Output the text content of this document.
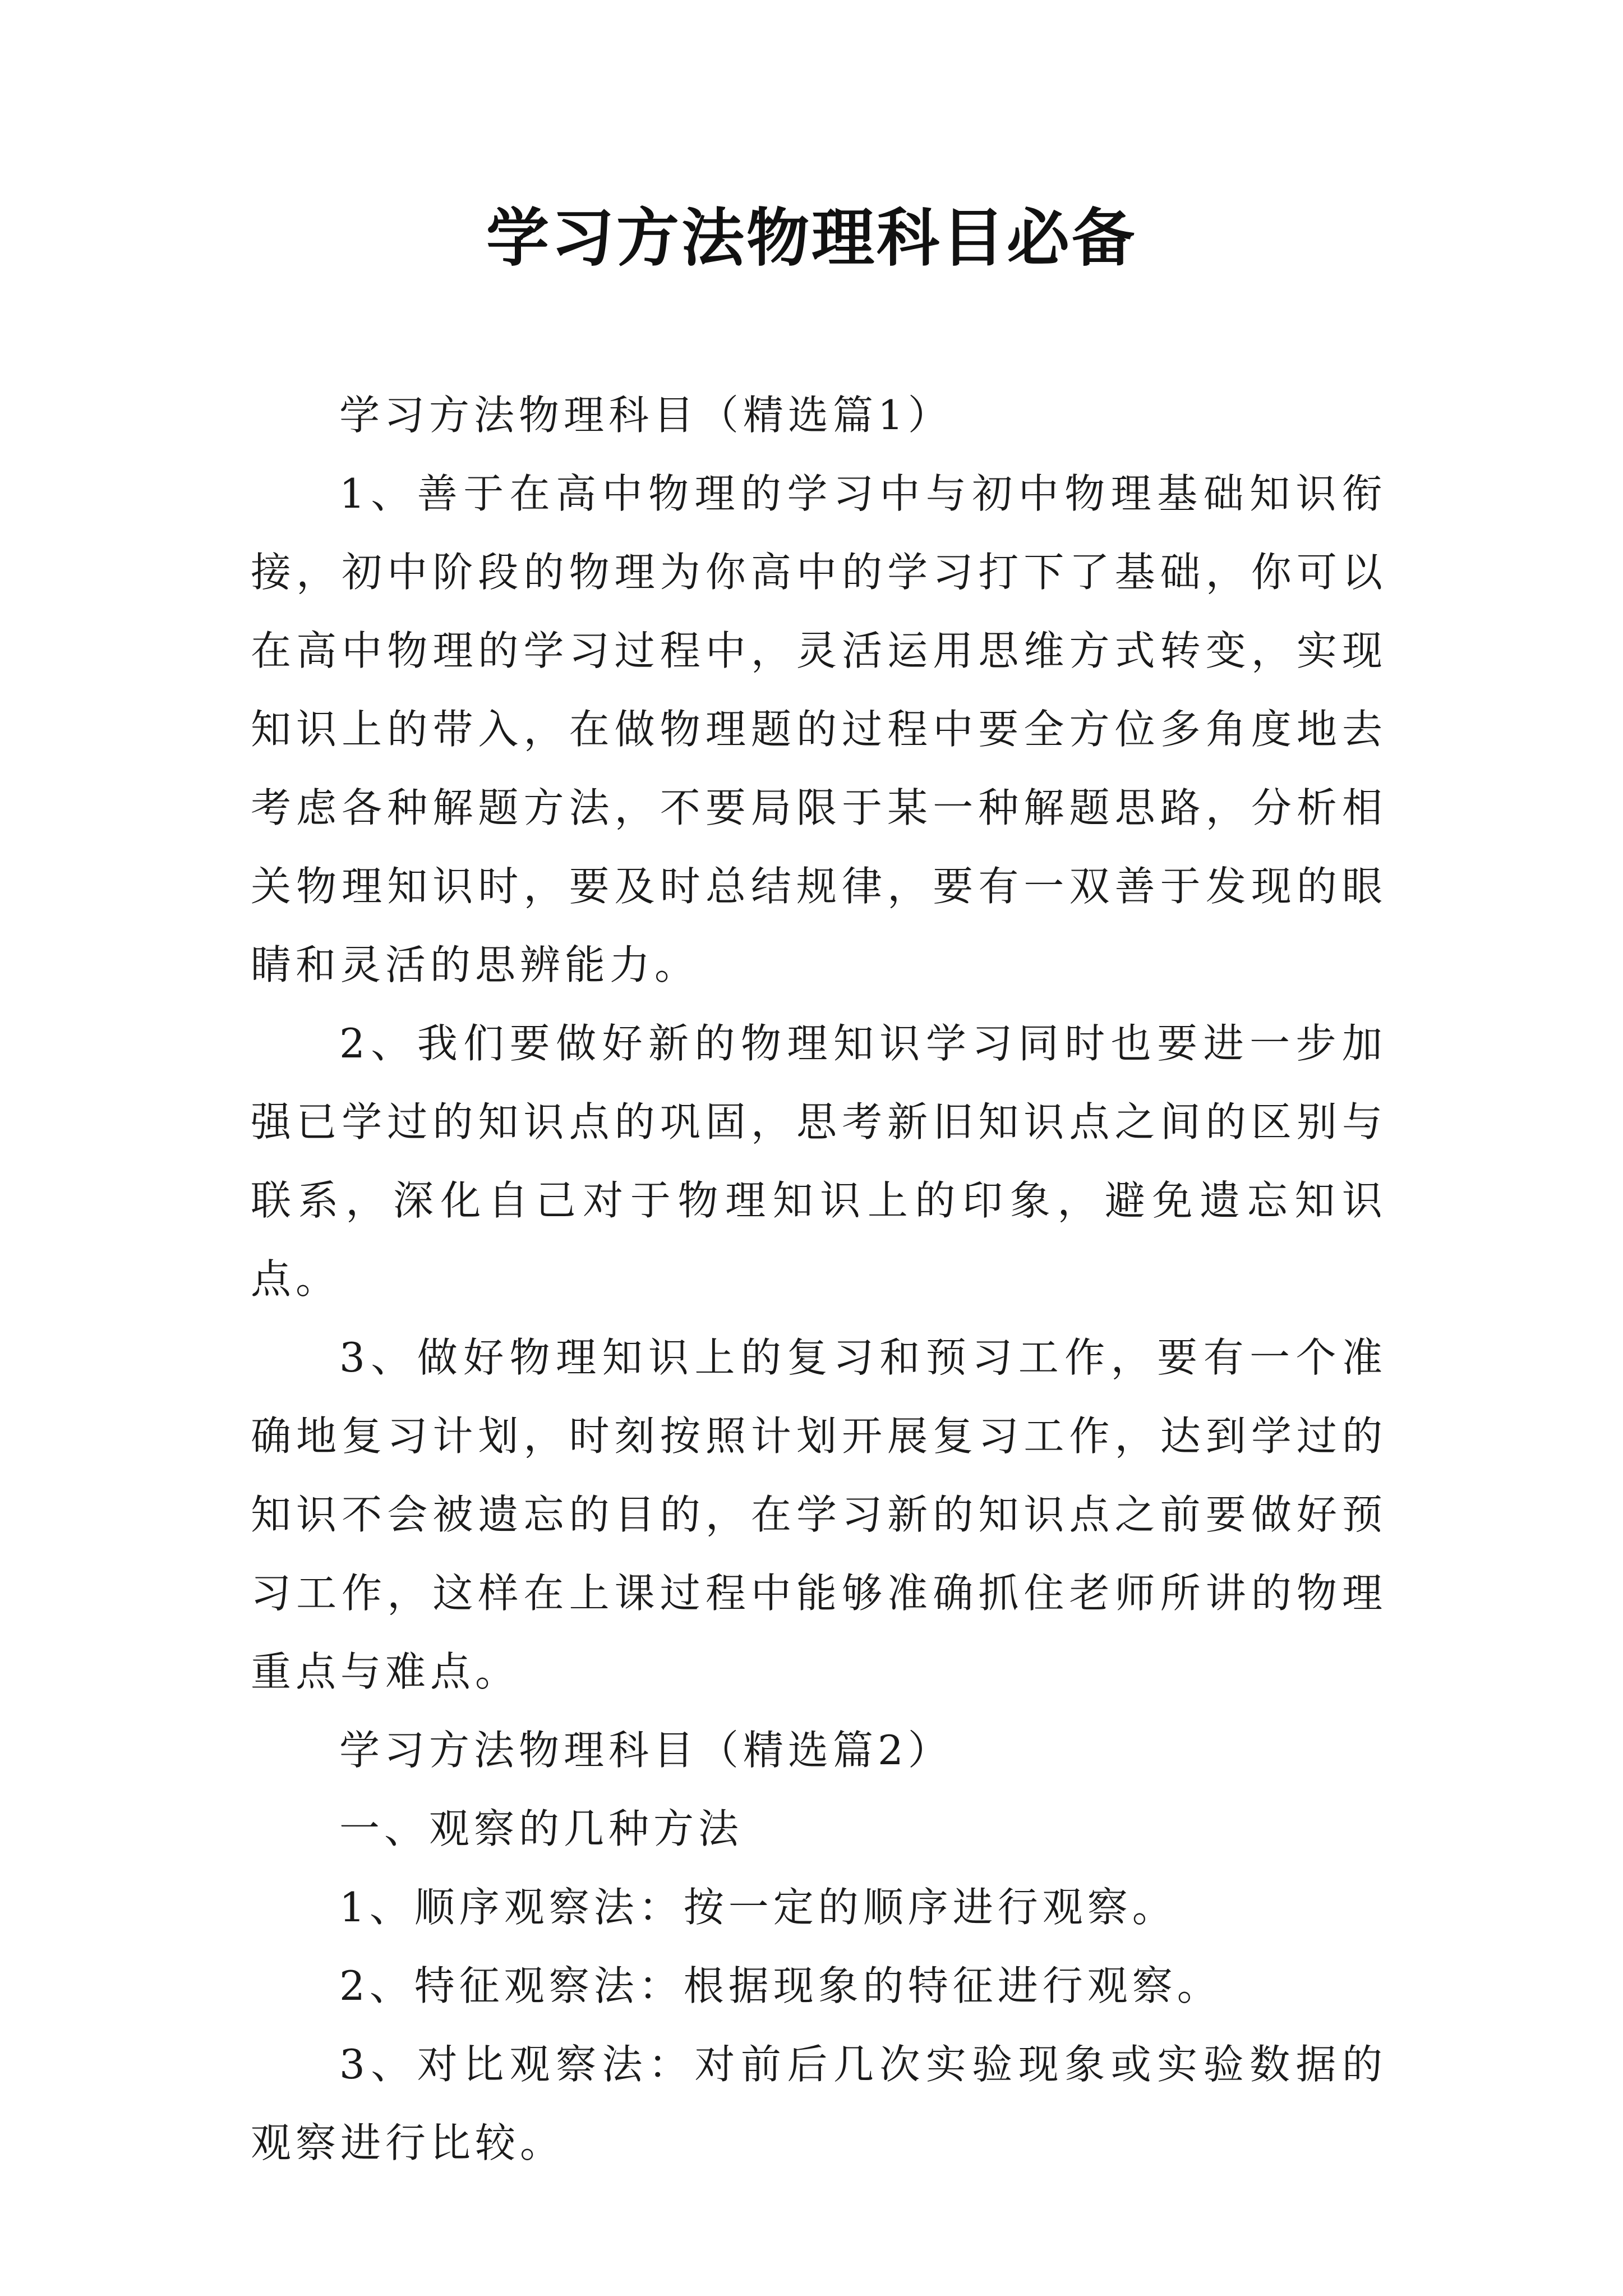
学习方法物理科目必备

学习方法物理科目（精选篇1）

1、善于在高中物理的学习中与初中物理基础知识衔接，初中阶段的物理为你高中的学习打下了基础，你可以在高中物理的学习过程中，灵活运用思维方式转变，实现知识上的带入，在做物理题的过程中要全方位多角度地去考虑各种解题方法，不要局限于某一种解题思路，分析相关物理知识时，要及时总结规律，要有一双善于发现的眼睛和灵活的思辨能力。

2、我们要做好新的物理知识学习同时也要进一步加强已学过的知识点的巩固，思考新旧知识点之间的区别与联系，深化自己对于物理知识上的印象，避免遗忘知识点。

3、做好物理知识上的复习和预习工作，要有一个准确地复习计划，时刻按照计划开展复习工作，达到学过的知识不会被遗忘的目的，在学习新的知识点之前要做好预习工作，这样在上课过程中能够准确抓住老师所讲的物理重点与难点。

学习方法物理科目（精选篇2）

一、观察的几种方法

1、顺序观察法：按一定的顺序进行观察。

2、特征观察法：根据现象的特征进行观察。

3、对比观察法：对前后几次实验现象或实验数据的观察进行比较。
